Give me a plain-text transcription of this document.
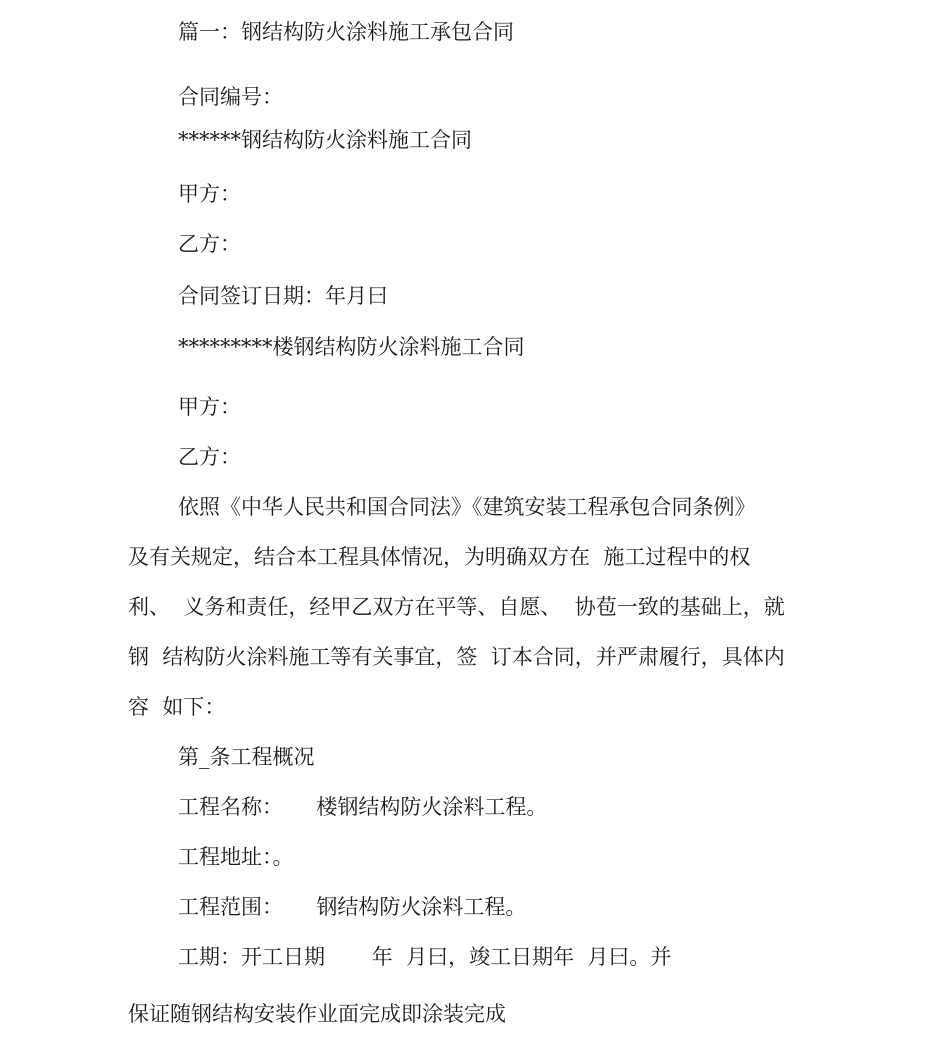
篇一：钢结构防火涂料施工承包合同
合同编号：
******钢结构防火涂料施工合同
甲方：
乙方：
合同签订日期：年月曰
*********楼钢结构防火涂料施工合同
甲方：
乙方：
依照《中华人民共和国合同法》《建筑安装工程承包合同条例》
及有关规定，结合本工程具体情况，为明确双方在  施工过程中的权
利、  义务和责任，经甲乙双方在平等、自愿、  协苞一致的基础上，就
钢  结构防火涂料施工等有关事宜，签  订本合同，并严肃履行，具体内
容  如下：
第_条工程概况
工程名称：     楼钢结构防火涂料工程。
工程地址：。
工程范围：     钢结构防火涂料工程。
工期：开工日期       年  月曰，竣工日期年  月曰。并
保证随钢结构安装作业面完成即涂装完成
